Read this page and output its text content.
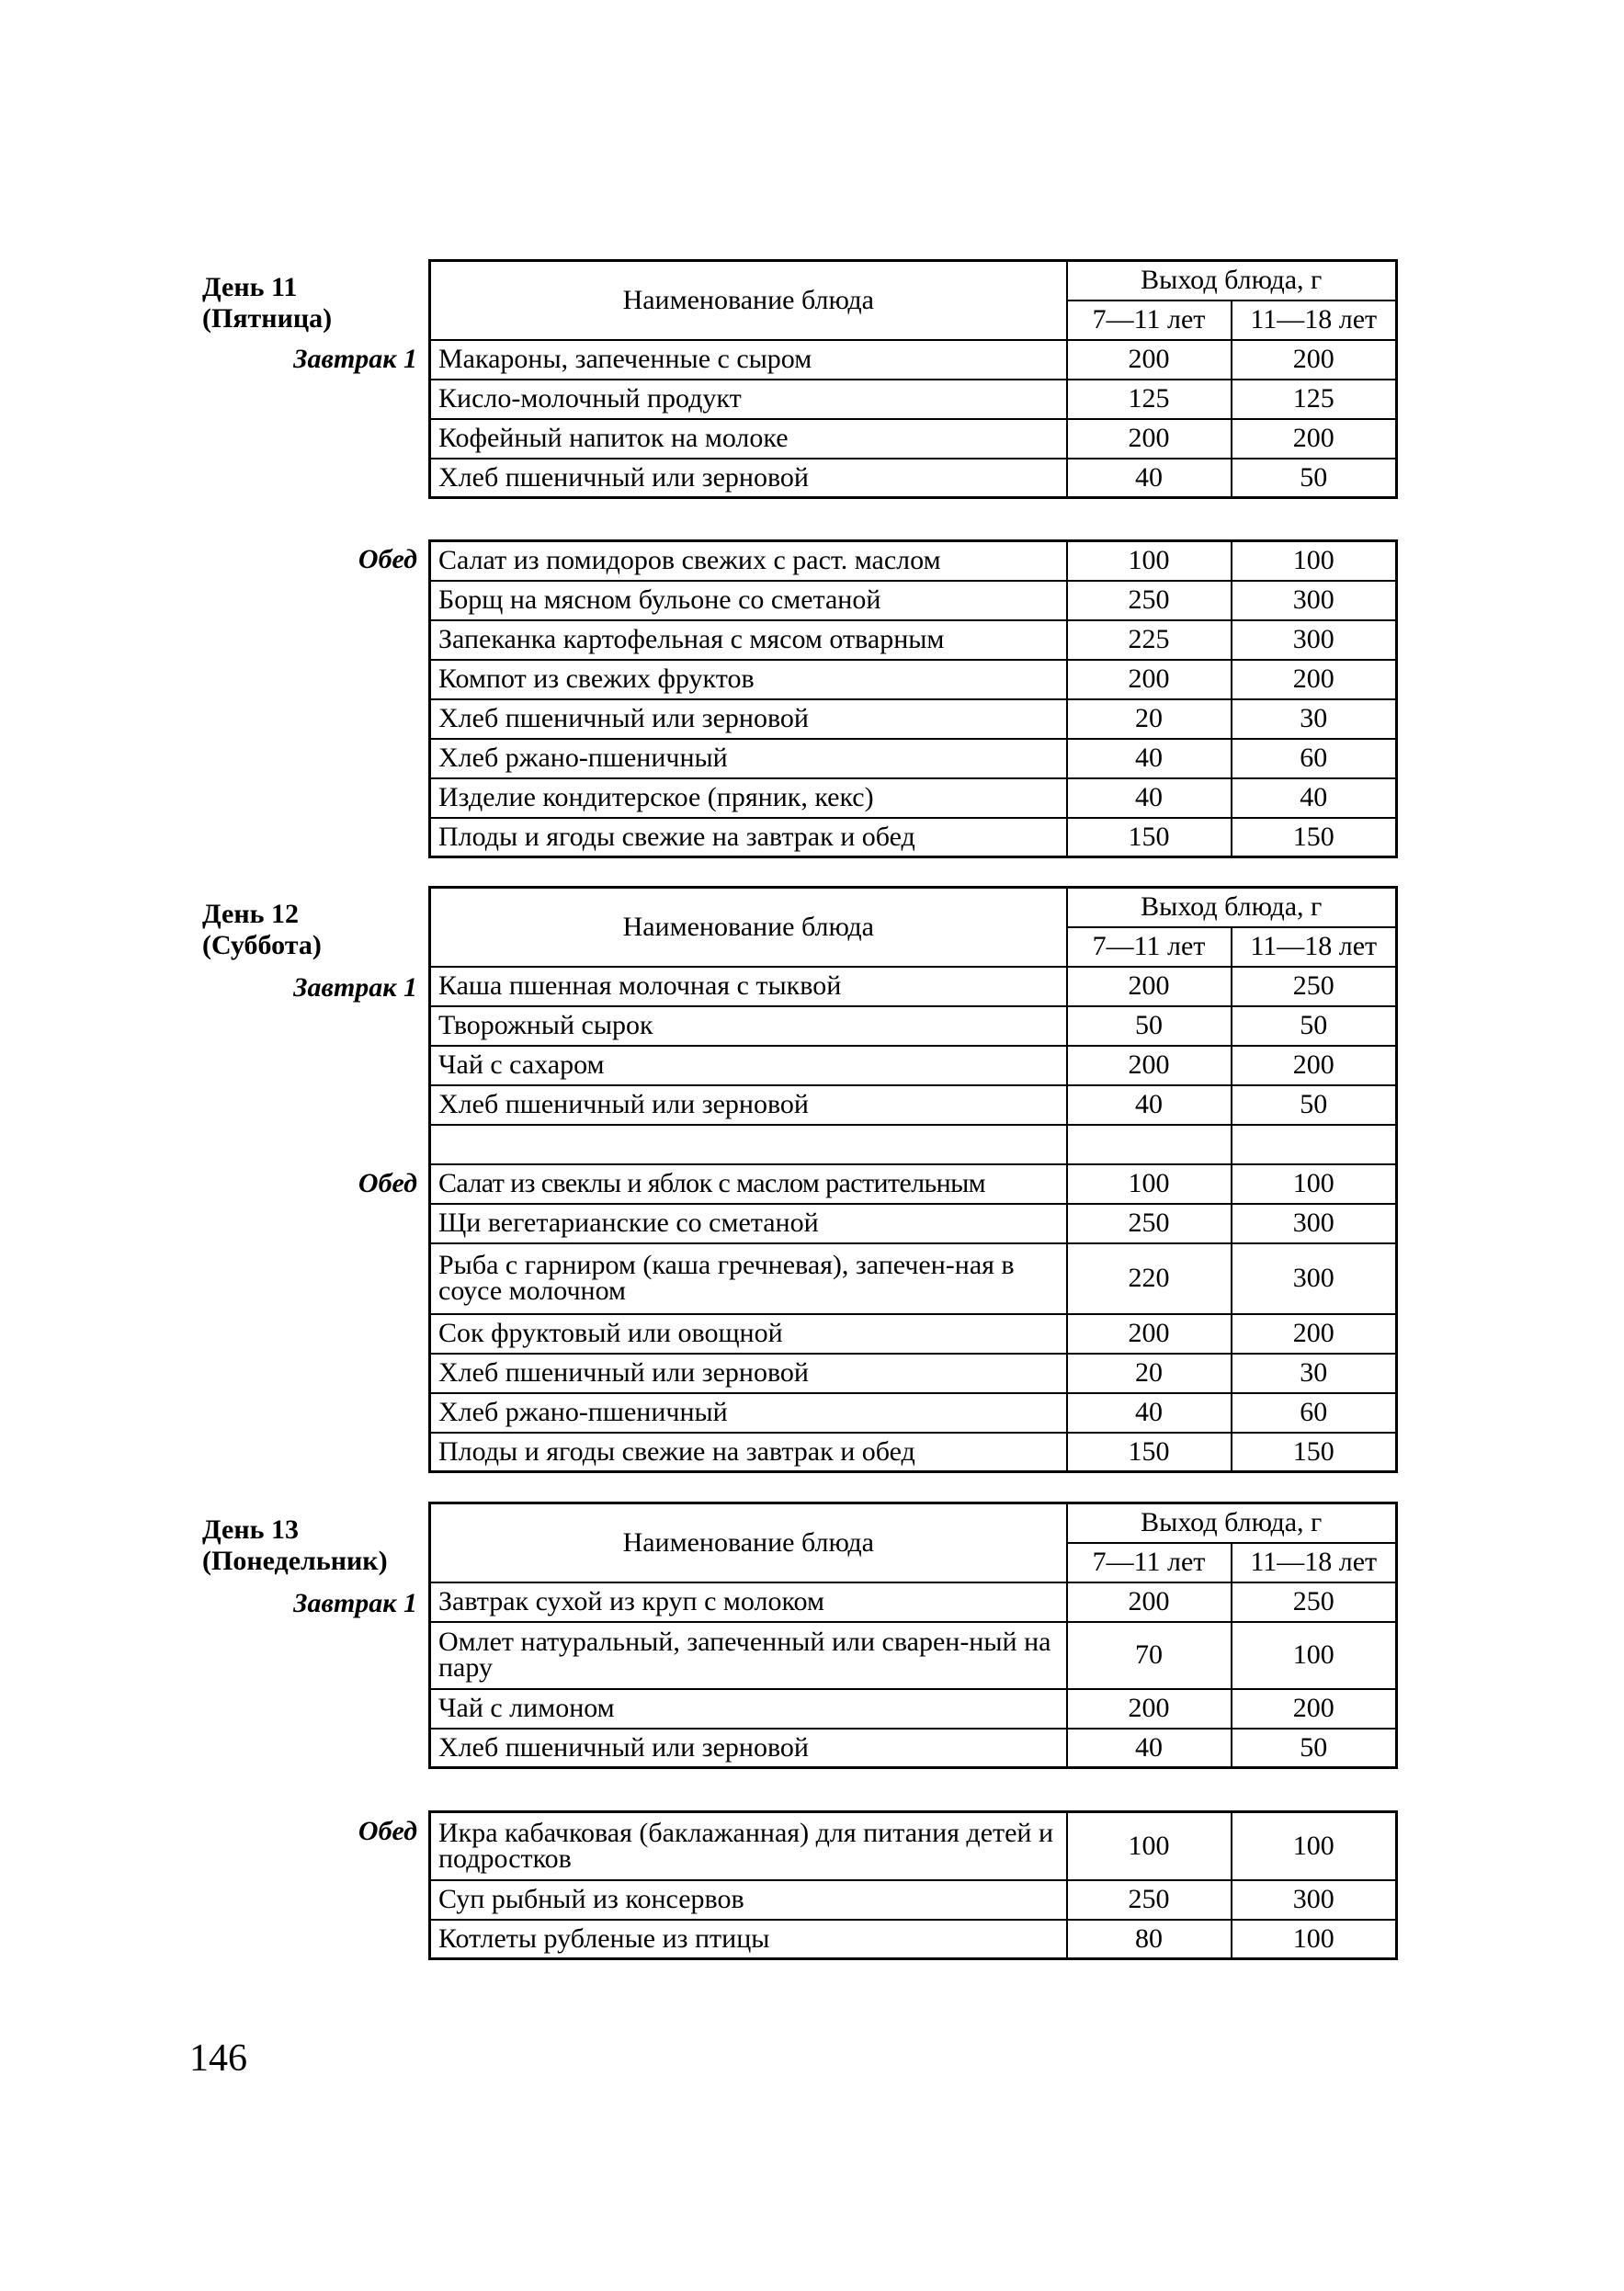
День 11
(Пятница)
Завтрак 1
Наименование блюда	Выход блюда, г	
	7—11 лет	11—18 лет
Макароны, запеченные с сыром	200	200
Кисло-молочный продукт	125	125
Кофейный напиток на молоке	200	200
Хлеб пшеничный или зерновой	40	50
Обед Салат из помидоров свежих с раст. маслом	100	100
Борщ на мясном бульоне со сметаной	250	300
Запеканка картофельная с мясом отварным	225	300
Компот из свежих фруктов	200	200
Хлеб пшеничный или зерновой	20	30
Хлеб ржано-пшеничный	40	60
Изделие кондитерское (пряник, кекс)	40	40
Плоды и ягоды свежие на завтрак и обед	150	150
День 12
(Суббота)
Завтрак 1
Обед
Наименование блюда	Выход блюда, г	
	7—11 лет	11—18 лет
Каша пшенная молочная с тыквой	200	250
Творожный сырок	50	50
Чай с сахаром	200	200
Хлеб пшеничный или зерновой	40	50

Салат из свеклы и яблок с маслом растительным	100	100
Щи вегетарианские со сметаной	250	300
Рыба с гарниром (каша гречневая), запечен-ная в соусе молочном	220	300
Сок фруктовый или овощной	200	200
Хлеб пшеничный или зерновой	20	30
Хлеб ржано-пшеничный	40	60
Плоды и ягоды свежие на завтрак и обед	150	150
День 13
(Понедельник)
Завтрак 1
Наименование блюда	Выход блюда, г	
	7—11 лет	11—18 лет
Завтрак сухой из круп с молоком	200	250
Омлет натуральный, запеченный или сварен-ный на пару	70	100
Чай с лимоном	200	200
Хлеб пшеничный или зерновой	40	50
Обед Икра кабачковая (баклажанная) для питания детей и подростков	100	100
Суп рыбный из консервов	250	300
Котлеты рубленые из птицы	80	100
146
